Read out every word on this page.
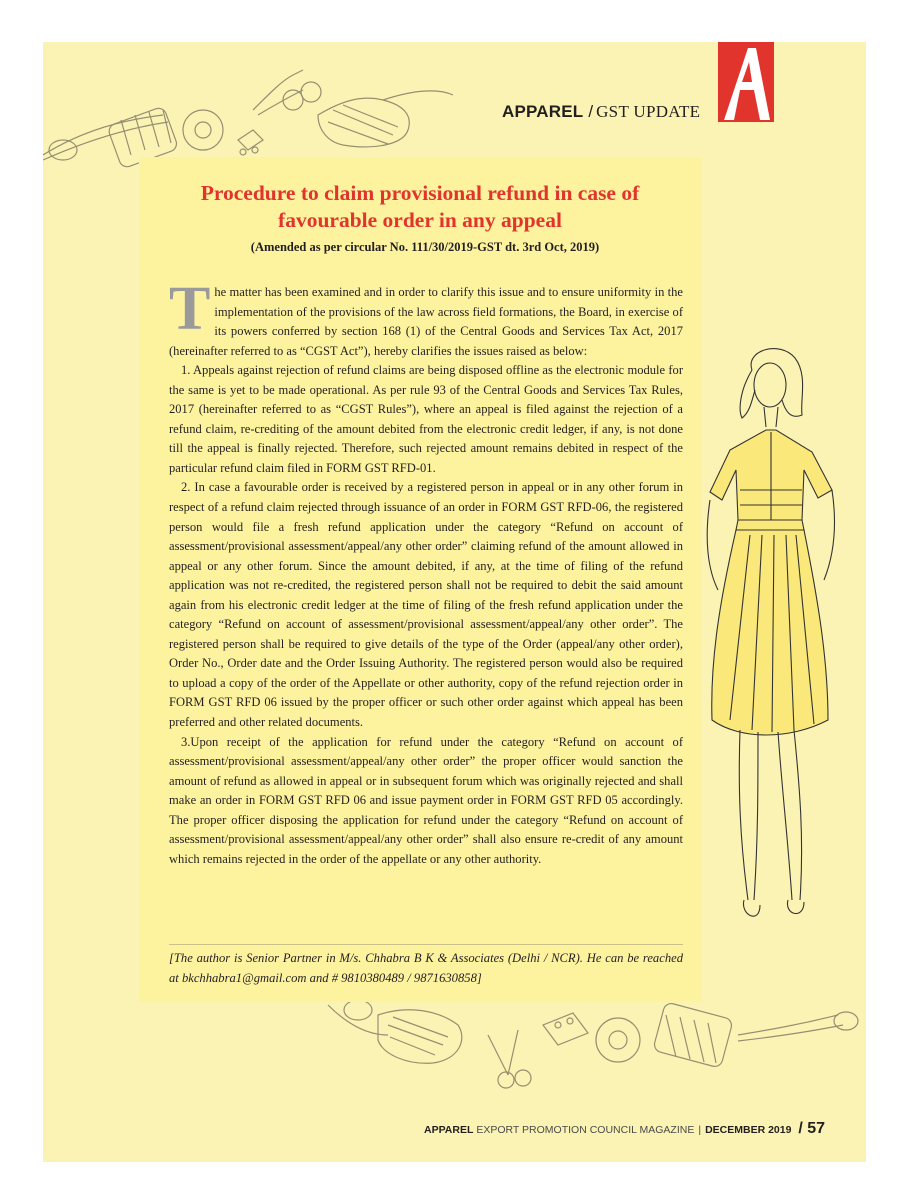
APPAREL / GST UPDATE
Procedure to claim provisional refund in case of favourable order in any appeal

(Amended as per circular No. 111/30/2019-GST dt. 3rd Oct, 2019)

The matter has been examined and in order to clarify this issue and to ensure uniformity in the implementation of the provisions of the law across field formations, the Board, in exercise of its powers conferred by section 168 (1) of the Central Goods and Services Tax Act, 2017 (hereinafter referred to as “CGST Act”), hereby clarifies the issues raised as below:

1. Appeals against rejection of refund claims are being disposed offline as the electronic module for the same is yet to be made operational. As per rule 93 of the Central Goods and Services Tax Rules, 2017 (hereinafter referred to as “CGST Rules”), where an appeal is filed against the rejection of a refund claim, re-crediting of the amount debited from the electronic credit ledger, if any, is not done till the appeal is finally rejected. Therefore, such rejected amount remains debited in respect of the particular refund claim filed in FORM GST RFD-01.

2. In case a favourable order is received by a registered person in appeal or in any other forum in respect of a refund claim rejected through issuance of an order in FORM GST RFD-06, the registered person would file a fresh refund application under the category “Refund on account of assessment/provisional assessment/appeal/any other order” claiming refund of the amount allowed in appeal or any other forum. Since the amount debited, if any, at the time of filing of the refund application was not re-credited, the registered person shall not be required to debit the said amount again from his electronic credit ledger at the time of filing of the fresh refund application under the category “Refund on account of assessment/provisional assessment/appeal/any other order”. The registered person shall be required to give details of the type of the Order (appeal/any other order), Order No., Order date and the Order Issuing Authority. The registered person would also be required to upload a copy of the order of the Appellate or other authority, copy of the refund rejection order in FORM GST RFD 06 issued by the proper officer or such other order against which appeal has been preferred and other related documents.

3.Upon receipt of the application for refund under the category “Refund on account of assessment/provisional assessment/appeal/any other order” the proper officer would sanction the amount of refund as allowed in appeal or in subsequent forum which was originally rejected and shall make an order in FORM GST RFD 06 and issue payment order in FORM GST RFD 05 accordingly. The proper officer disposing the application for refund under the category “Refund on account of assessment/provisional assessment/appeal/any other order” shall also ensure re-credit of any amount which remains rejected in the order of the appellate or any other authority.

[The author is Senior Partner in M/s. Chhabra B K & Associates (Delhi / NCR). He can be reached at bkchhabra1@gmail.com and # 9810380489 / 9871630858]
APPAREL EXPORT PROMOTION COUNCIL MAGAZINE | DECEMBER 2019 / 57
